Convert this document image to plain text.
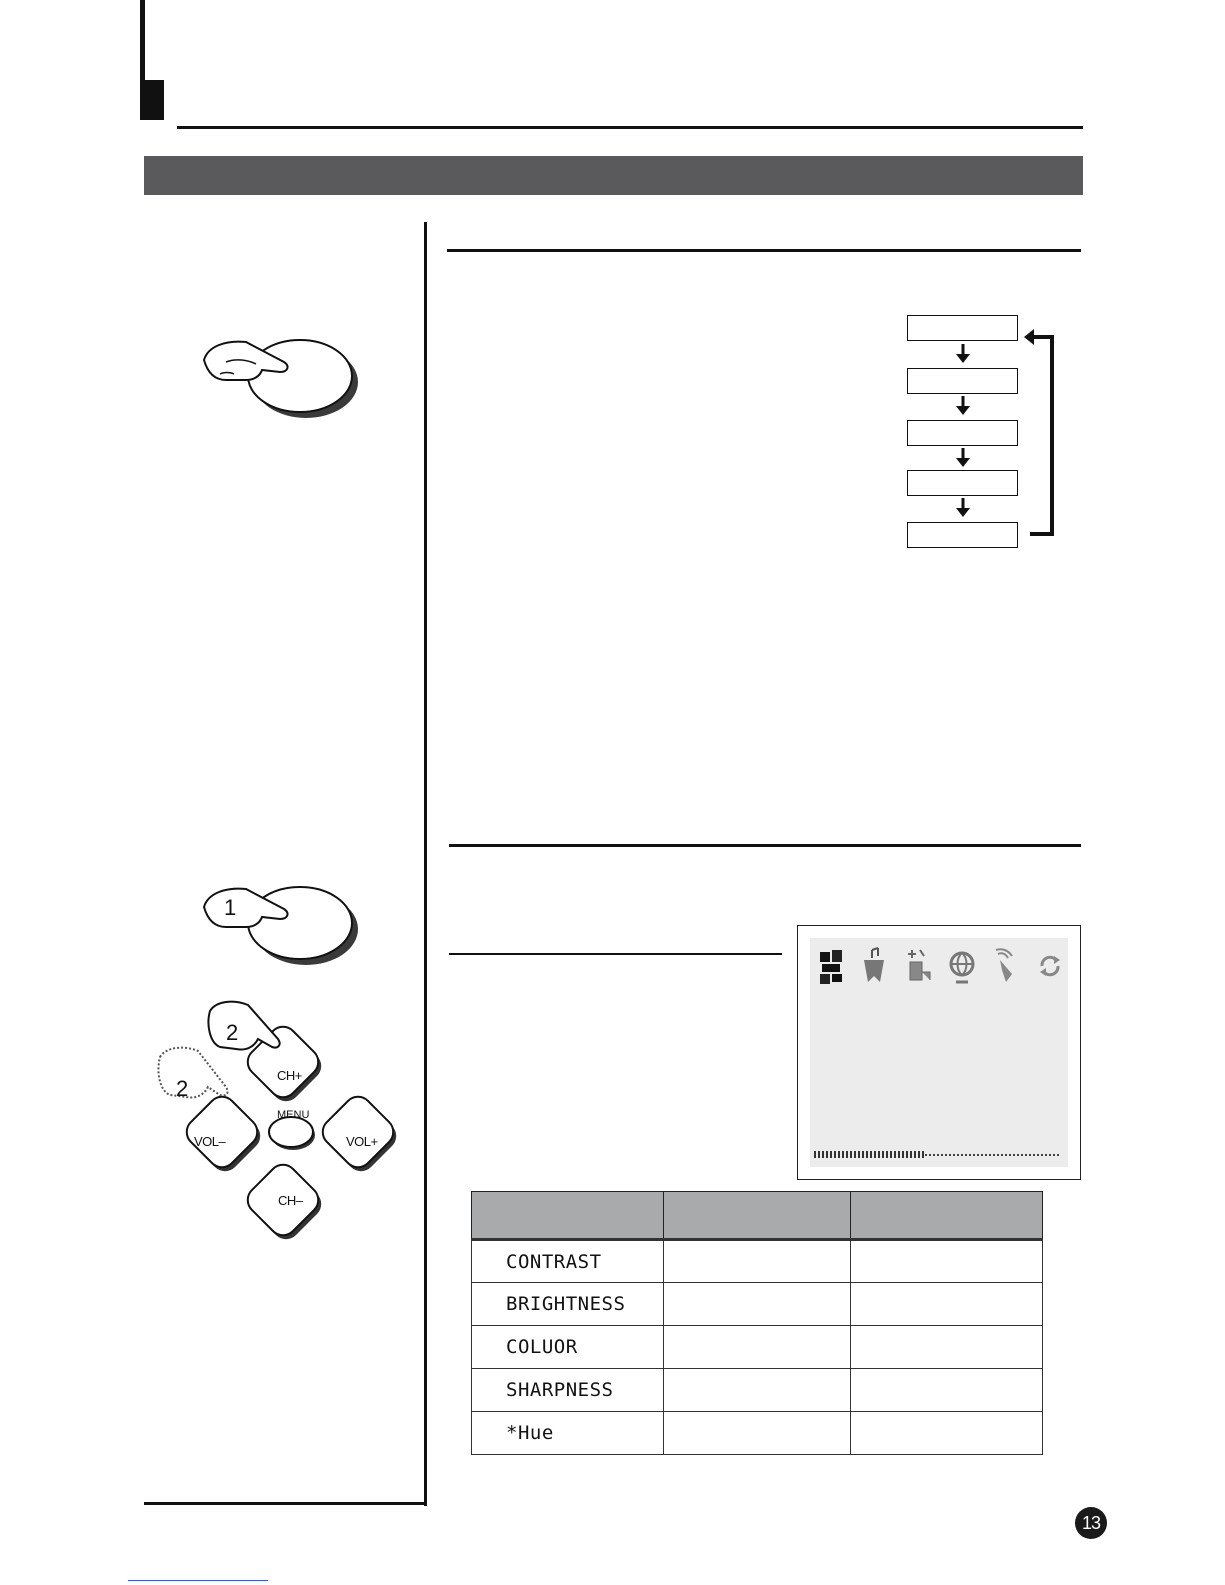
1
2
2
CH+
MENU
VOL–	VOL+
CH–

CONTRAST		
BRIGHTNESS		
COLUOR		
SHARPNESS		
*Hue		
13
